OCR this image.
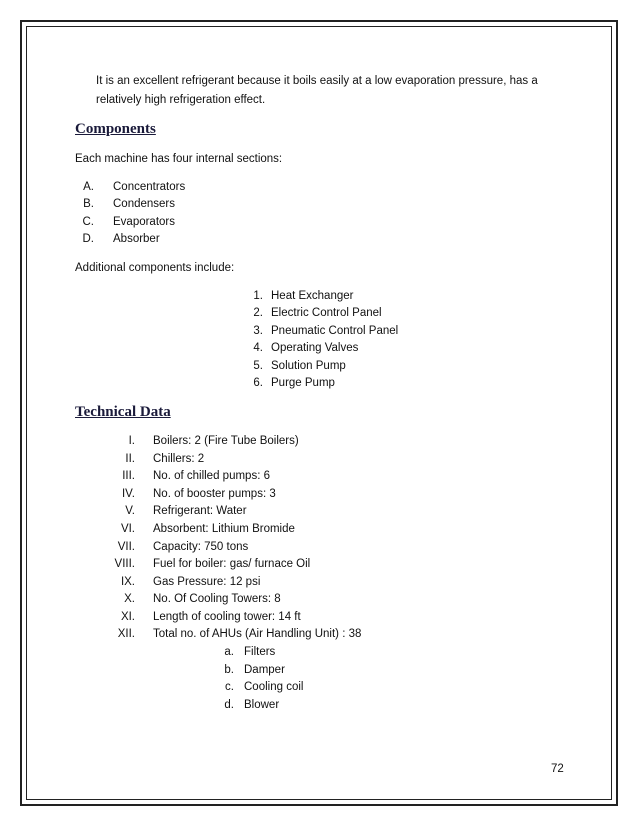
It is an excellent refrigerant because it boils easily at a low evaporation pressure, has a
relatively high refrigeration effect.
Components
Each machine has four internal sections:
A. Concentrators
B. Condensers
C. Evaporators
D. Absorber
Additional components include:
1. Heat Exchanger
2. Electric Control Panel
3. Pneumatic Control Panel
4. Operating Valves
5. Solution Pump
6. Purge Pump
Technical Data
I. Boilers: 2 (Fire Tube Boilers)
II. Chillers: 2
III. No. of chilled pumps: 6
IV. No. of booster pumps: 3
V. Refrigerant: Water
VI. Absorbent: Lithium Bromide
VII. Capacity: 750 tons
VIII. Fuel for boiler: gas/ furnace Oil
IX. Gas Pressure: 12 psi
X. No. Of Cooling Towers: 8
XI. Length of cooling tower: 14 ft
XII. Total no. of AHUs (Air Handling Unit) : 38
a. Filters
b. Damper
c. Cooling coil
d. Blower
72
